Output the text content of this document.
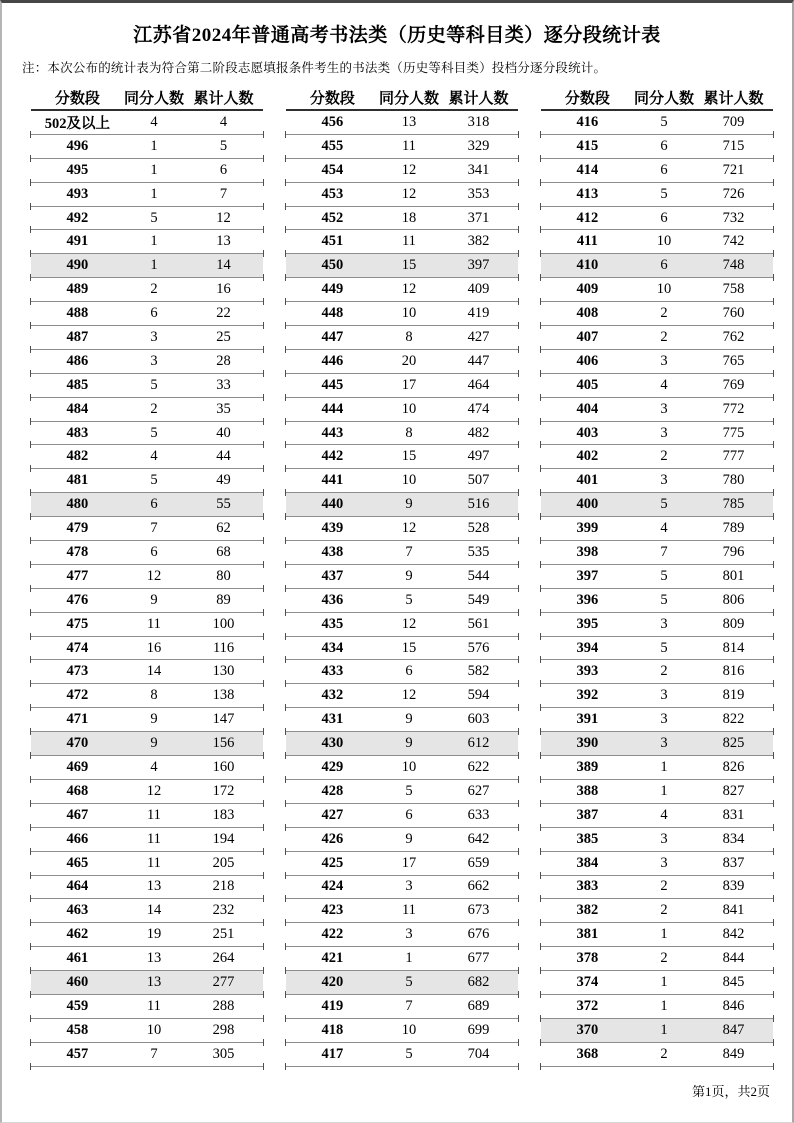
江苏省2024年普通高考书法类（历史等科目类）逐分段统计表
注：本次公布的统计表为符合第二阶段志愿填报条件考生的书法类（历史等科目类）投档分逐分段统计。
分数段	同分人数 累计人数
502及以上	4	4
496	1	5
495	1	6
493	1	7
492	5	12
491	1	13
490	1	14
489	2	16
488	6	22
487	3	25
486	3	28
485	5	33
484	2	35
483	5	40
482	4	44
481	5	49
480	6	55
479	7	62
478	6	68
477	12	80
476	9	89
475	11	100
474	16	116
473	14	130
472	8	138
471	9	147
470	9	156
469	4	160
468	12	172
467	11	183
466	11	194
465	11	205
464	13	218
463	14	232
462	19	251
461	13	264
460	13	277
459	11	288
458	10	298
457	7	305
分数段	同分人数 累计人数
456	13	318
455	11	329
454	12	341
453	12	353
452	18	371
451	11	382
450	15	397
449	12	409
448	10	419
447	8	427
446	20	447
445	17	464
444	10	474
443	8	482
442	15	497
441	10	507
440	9	516
439	12	528
438	7	535
437	9	544
436	5	549
435	12	561
434	15	576
433	6	582
432	12	594
431	9	603
430	9	612
429	10	622
428	5	627
427	6	633
426	9	642
425	17	659
424	3	662
423	11	673
422	3	676
421	1	677
420	5	682
419	7	689
418	10	699
417	5	704
分数段	同分人数 累计人数
416	5	709
415	6	715
414	6	721
413	5	726
412	6	732
411	10	742
410	6	748
409	10	758
408	2	760
407	2	762
406	3	765
405	4	769
404	3	772
403	3	775
402	2	777
401	3	780
400	5	785
399	4	789
398	7	796
397	5	801
396	5	806
395	3	809
394	5	814
393	2	816
392	3	819
391	3	822
390	3	825
389	1	826
388	1	827
387	4	831
385	3	834
384	3	837
383	2	839
382	2	841
381	1	842
378	2	844
374	1	845
372	1	846
370	1	847
368	2	849
第1页，共2页
